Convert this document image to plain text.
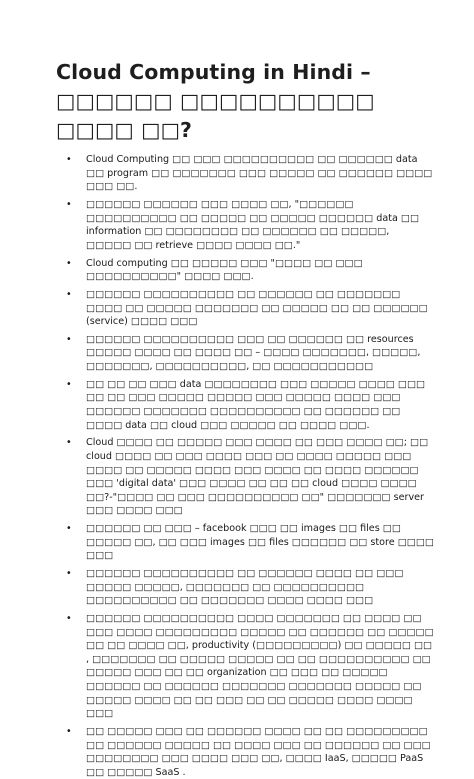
Cloud Computing in Hindi – □□□□□□ □□□□□□□□□□ □□□□ □□?
• Cloud Computing □□ □□□ □□□□□□□□□□ □□ □□□□□□ data □□ program □□ □□□□□□□ □□□ □□□□□ □□ □□□□□□ □□□□ □□□ □□.
• □□□□□□ □□□□□□ □□□ □□□□ □□, "□□□□□□ □□□□□□□□□□ □□ □□□□□ □□ □□□□□ □□□□□□ data □□ information □□ □□□□□□□□ □□ □□□□□□ □□ □□□□□, □□□□□ □□ retrieve □□□□ □□□□ □□."
• Cloud computing □□ □□□□□ □□□ "□□□□ □□ □□□ □□□□□□□□□□" □□□□ □□□.
• □□□□□□ □□□□□□□□□□ □□ □□□□□□ □□ □□□□□□□ □□□□ □□ □□□□□ □□□□□□□ □□ □□□□□ □□ □□ □□□□□□ (service) □□□□ □□□
• □□□□□□ □□□□□□□□□□ □□□ □□ □□□□□□ □□ resources □□□□□ □□□□ □□ □□□□ □□ – □□□□ □□□□□□□, □□□□□, □□□□□□□, □□□□□□□□□□, □□ □□□□□□□□□□□
• □□ □□ □□ □□□ data □□□□□□□□ □□□ □□□□□ □□□□ □□□ □□ □□ □□□ □□□□□ □□□□□ □□□ □□□□□ □□□□ □□□ □□□□□□ □□□□□□□ □□□□□□□□□□ □□ □□□□□□ □□ □□□□ data □□ cloud □□□ □□□□□ □□ □□□□ □□□.
• Cloud □□□□ □□ □□□□□ □□□ □□□□ □□ □□□ □□□□ □□; □□ cloud □□□□ □□ □□□ □□□□ □□□ □□ □□□□ □□□□□ □□□ □□□□ □□ □□□□□ □□□□ □□□ □□□□ □□ □□□□ □□□□□□ □□□ 'digital data' □□□ □□□□ □□ □□ □□ cloud □□□□ □□□□ □□?-"□□□□ □□ □□□ □□□□□□□□□□ □□" □□□□□□□ server □□□ □□□□ □□□
• □□□□□□ □□ □□□ – facebook □□□ □□ images □□ files □□ □□□□□ □□, □□ □□□ images □□ files □□□□□□ □□ store □□□□ □□□
• □□□□□□ □□□□□□□□□□ □□ □□□□□□ □□□□ □□ □□□ □□□□□ □□□□□, □□□□□□□ □□ □□□□□□□□□□ □□□□□□□□□□ □□ □□□□□□□ □□□□ □□□□ □□□
• □□□□□□ □□□□□□□□□□ □□□□ □□□□□□□ □□ □□□□ □□ □□□ □□□□ □□□□□□□□□ □□□□□ □□ □□□□□□ □□ □□□□□ □□ □□ □□□□ □□, productivity (□□□□□□□□□) □□ □□□□□ □□ , □□□□□□□ □□ □□□□□ □□□□□ □□ □□ □□□□□□□□□□ □□ □□□□□ □□□ □□ □□ organization □□ □□□ □□ □□□□□ □□□□□□ □□ □□□□□□ □□□□□□□ □□□□□□□ □□□□□ □□ □□□□□ □□□□ □□ □□ □□□ □□ □□ □□□□□ □□□□ □□□□ □□□
• □□ □□□□□ □□□ □□ □□□□□□ □□□□ □□ □□ □□□□□□□□□ □□ □□□□□□ □□□□□ □□ □□□□ □□□ □□ □□□□□□ □□ □□□ □□□□□□□□ □□□ □□□□ □□□ □□, □□□□ IaaS, □□□□□ PaaS □□ □□□□□ SaaS .
